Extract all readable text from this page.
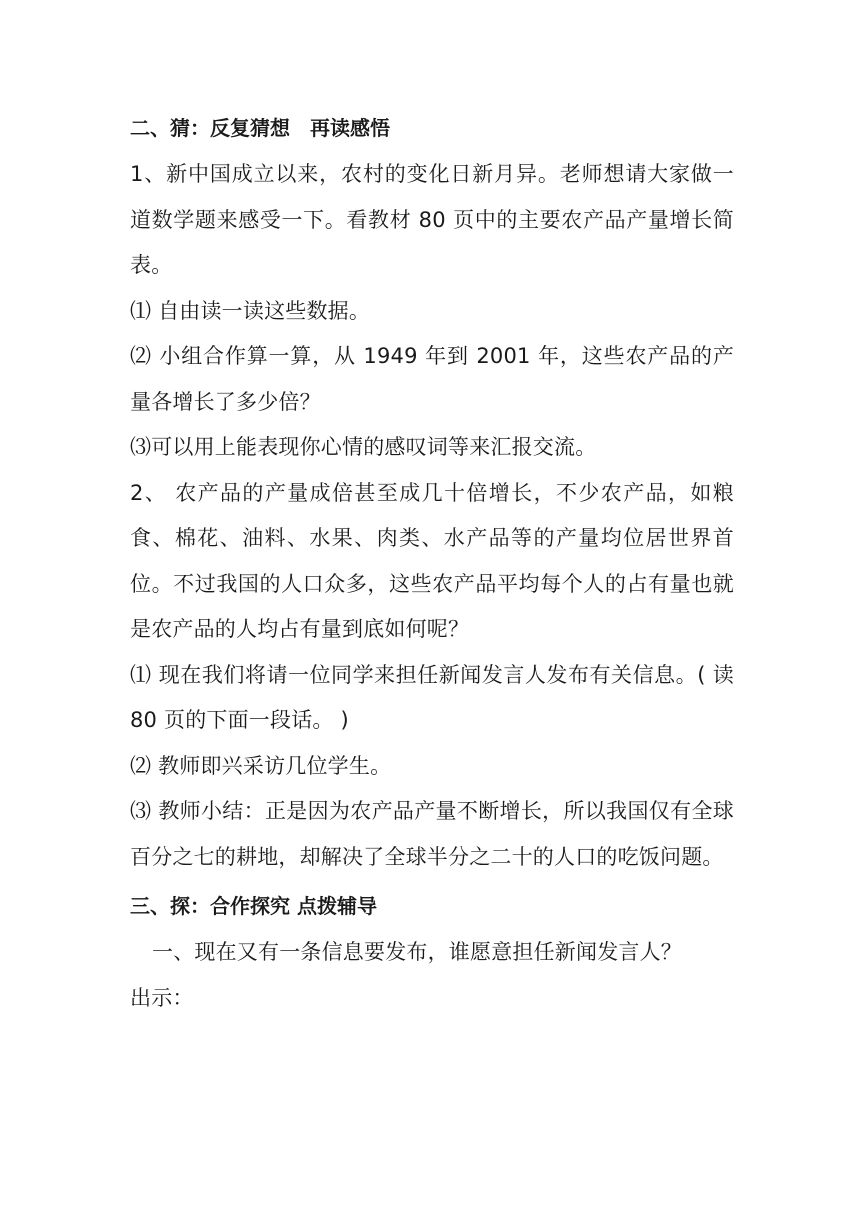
二、猜：反复猜想　再读感悟

1、新中国成立以来，农村的变化日新月异。老师想请大家做一道数学题来感受一下。看教材 80 页中的主要农产品产量增长简表。

⑴ 自由读一读这些数据。

⑵ 小组合作算一算，从 1949 年到 2001 年，这些农产品的产量各增长了多少倍？

⑶可以用上能表现你心情的感叹词等来汇报交流。

2、 农产品的产量成倍甚至成几十倍增长，不少农产品，如粮食、棉花、油料、水果、肉类、水产品等的产量均位居世界首位。不过我国的人口众多，这些农产品平均每个人的占有量也就是农产品的人均占有量到底如何呢？

⑴ 现在我们将请一位同学来担任新闻发言人发布有关信息。( 读 80 页的下面一段话。 )

⑵ 教师即兴采访几位学生。

⑶ 教师小结：正是因为农产品产量不断增长，所以我国仅有全球百分之七的耕地，却解决了全球半分之二十的人口的吃饭问题。

三、探：合作探究 点拨辅导

一、现在又有一条信息要发布，谁愿意担任新闻发言人？

出示：
